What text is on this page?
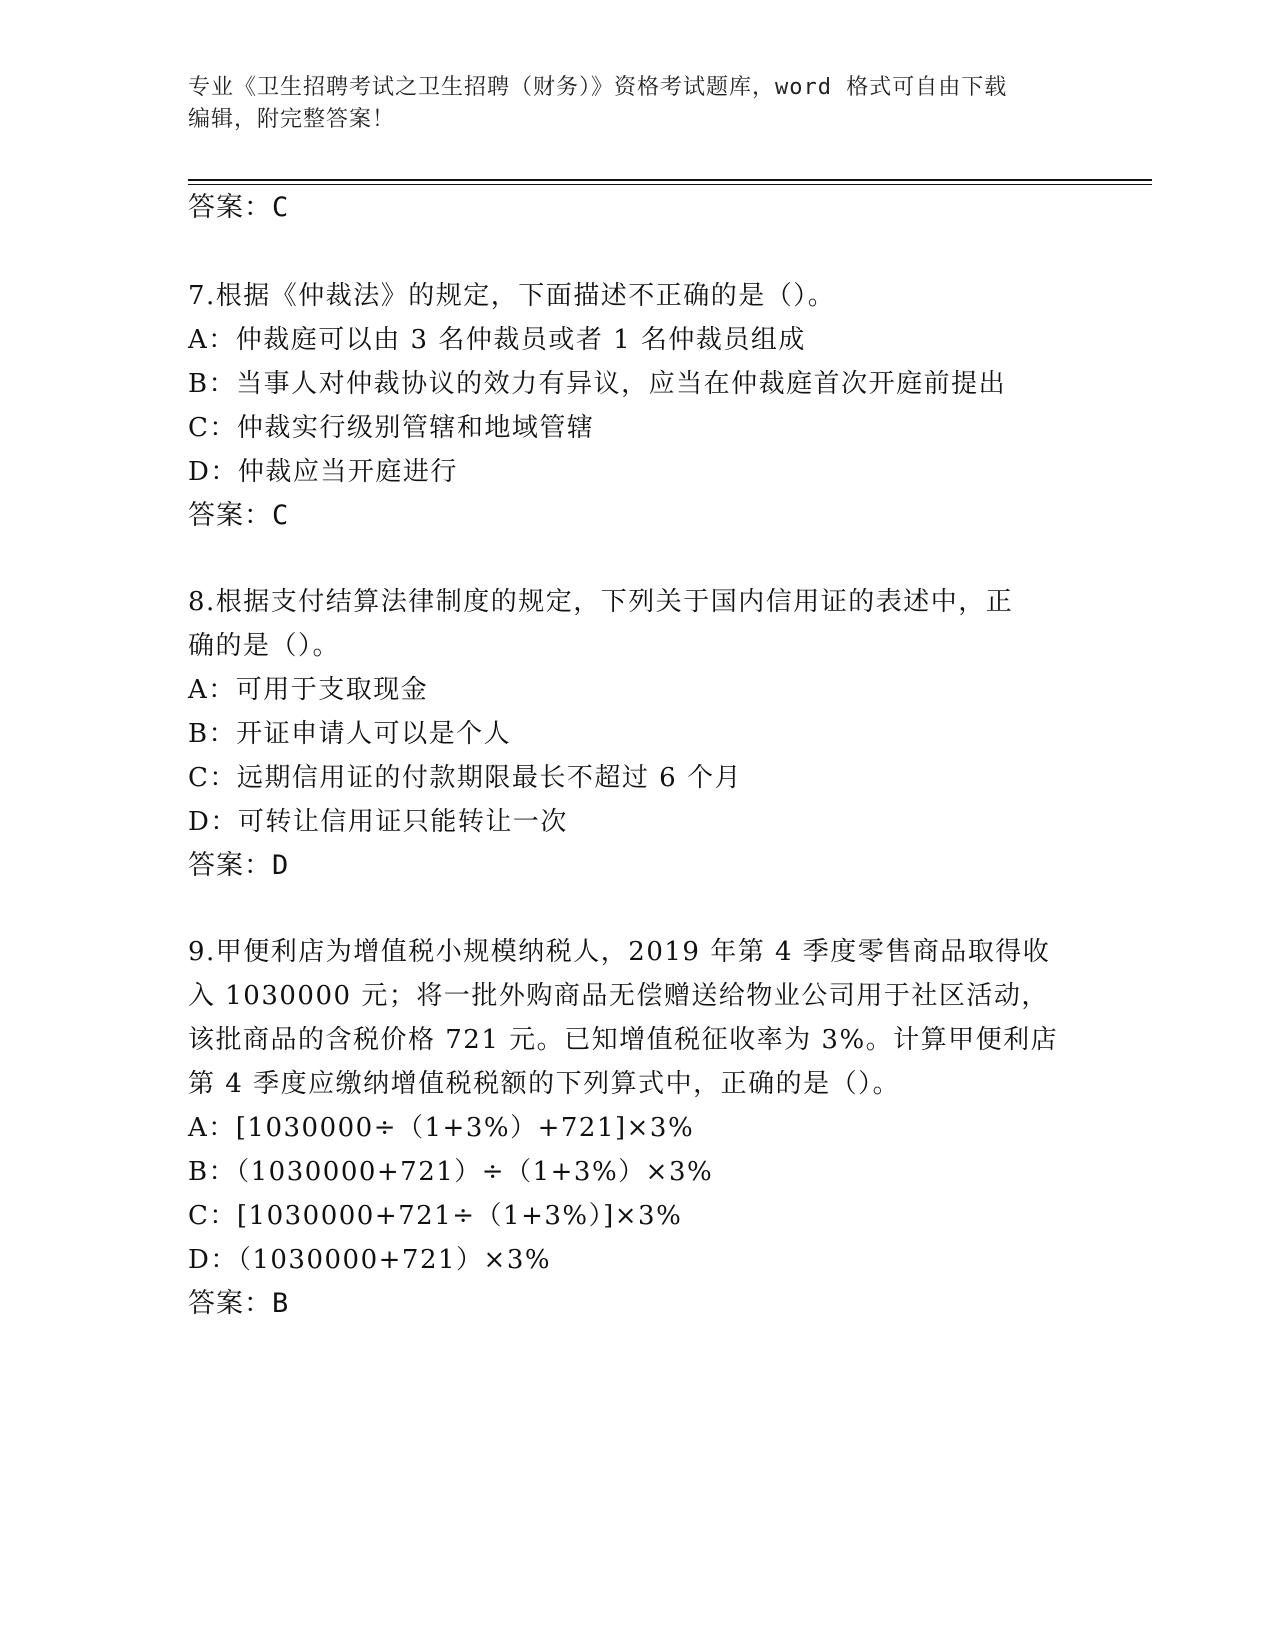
专业《卫生招聘考试之卫生招聘（财务）》资格考试题库，word 格式可自由下载
编辑，附完整答案！
答案：C
7.根据《仲裁法》的规定，下面描述不正确的是（）。
A：仲裁庭可以由 3 名仲裁员或者 1 名仲裁员组成
B：当事人对仲裁协议的效力有异议，应当在仲裁庭首次开庭前提出
C：仲裁实行级别管辖和地域管辖
D：仲裁应当开庭进行
答案：C
8.根据支付结算法律制度的规定，下列关于国内信用证的表述中，正
确的是（）。
A：可用于支取现金
B：开证申请人可以是个人
C：远期信用证的付款期限最长不超过 6 个月
D：可转让信用证只能转让一次
答案：D
9.甲便利店为增值税小规模纳税人，2019 年第 4 季度零售商品取得收
入 1030000 元；将一批外购商品无偿赠送给物业公司用于社区活动，
该批商品的含税价格 721 元。已知增值税征收率为 3%。计算甲便利店
第 4 季度应缴纳增值税税额的下列算式中，正确的是（）。
A：[1030000÷（1+3%）+721]×3%
B：（1030000+721）÷（1+3%）×3%
C：[1030000+721÷（1+3%）]×3%
D：（1030000+721）×3%
答案：B
